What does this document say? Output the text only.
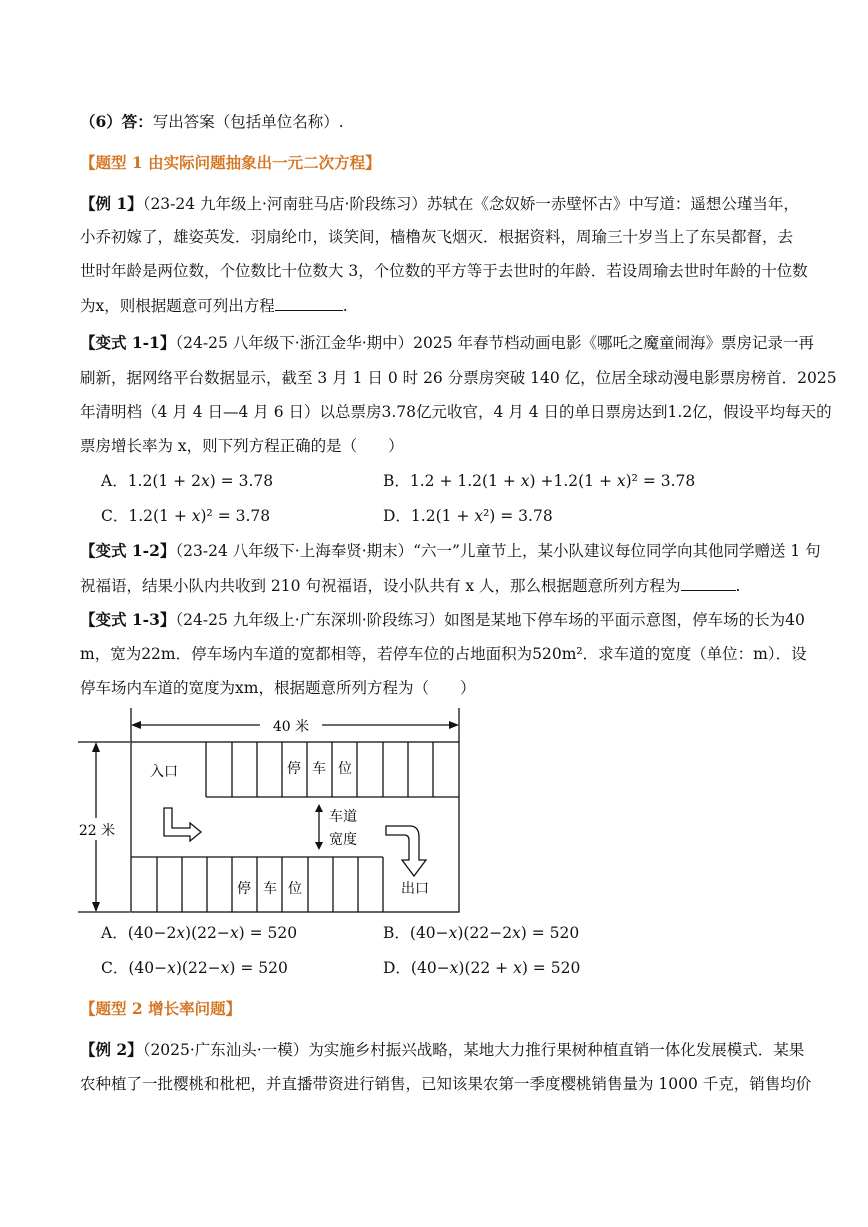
（6）答：写出答案（包括单位名称）.
【题型 1 由实际问题抽象出一元二次方程】
【例 1】（23-24 九年级上·河南驻马店·阶段练习）苏轼在《念奴娇一赤壁怀古》中写道：遥想公瑾当年，
小乔初嫁了，雄姿英发．羽扇纶巾，谈笑间，樯橹灰飞烟灭．根据资料，周瑜三十岁当上了东吴都督，去
世时年龄是两位数，个位数比十位数大 3，个位数的平方等于去世时的年龄．若设周瑜去世时年龄的十位数
为x，则根据题意可列出方程	.
【变式 1-1】（24-25 八年级下·浙江金华·期中）2025 年春节档动画电影《哪吒之魔童闹海》票房记录一再
刷新，据网络平台数据显示，截至 3 月 1 日 0 时 26 分票房突破 140 亿，位居全球动漫电影票房榜首．2025
年清明档（4 月 4 日—4 月 6 日）以总票房3.78亿元收官，4 月 4 日的单日票房达到1.2亿，假设平均每天的
票房增长率为 x，则下列方程正确的是（　　）
A．1.2(1 + 2𝑥) = 3.78	B．1.2 + 1.2(1 + 𝑥) +1.2(1 + 𝑥)² = 3.78
C．1.2(1 + 𝑥)² = 3.78	D．1.2(1 + 𝑥²) = 3.78
【变式 1-2】（23-24 八年级下·上海奉贤·期末）“六一”儿童节上，某小队建议每位同学向其他同学赠送 1 句
祝福语，结果小队内共收到 210 句祝福语，设小队共有 x 人，那么根据题意所列方程为	.
【变式 1-3】（24-25 九年级上·广东深圳·阶段练习）如图是某地下停车场的平面示意图，停车场的长为40
m，宽为22m．停车场内车道的宽都相等，若停车位的占地面积为520m²．求车道的宽度（单位：m）．设
停车场内车道的宽度为xm，根据题意所列方程为（　　）
40 米
22 米
入口
出口
车道
宽度
停 车 位
停 车 位
A．(40−2𝑥)(22−𝑥) = 520	B．(40−𝑥)(22−2𝑥) = 520
C．(40−𝑥)(22−𝑥) = 520	D．(40−𝑥)(22 + 𝑥) = 520
【题型 2 增长率问题】
【例 2】（2025·广东汕头·一模）为实施乡村振兴战略，某地大力推行果树种植直销一体化发展模式．某果
农种植了一批樱桃和枇杷，并直播带资进行销售，已知该果农第一季度樱桃销售量为 1000 千克，销售均价
